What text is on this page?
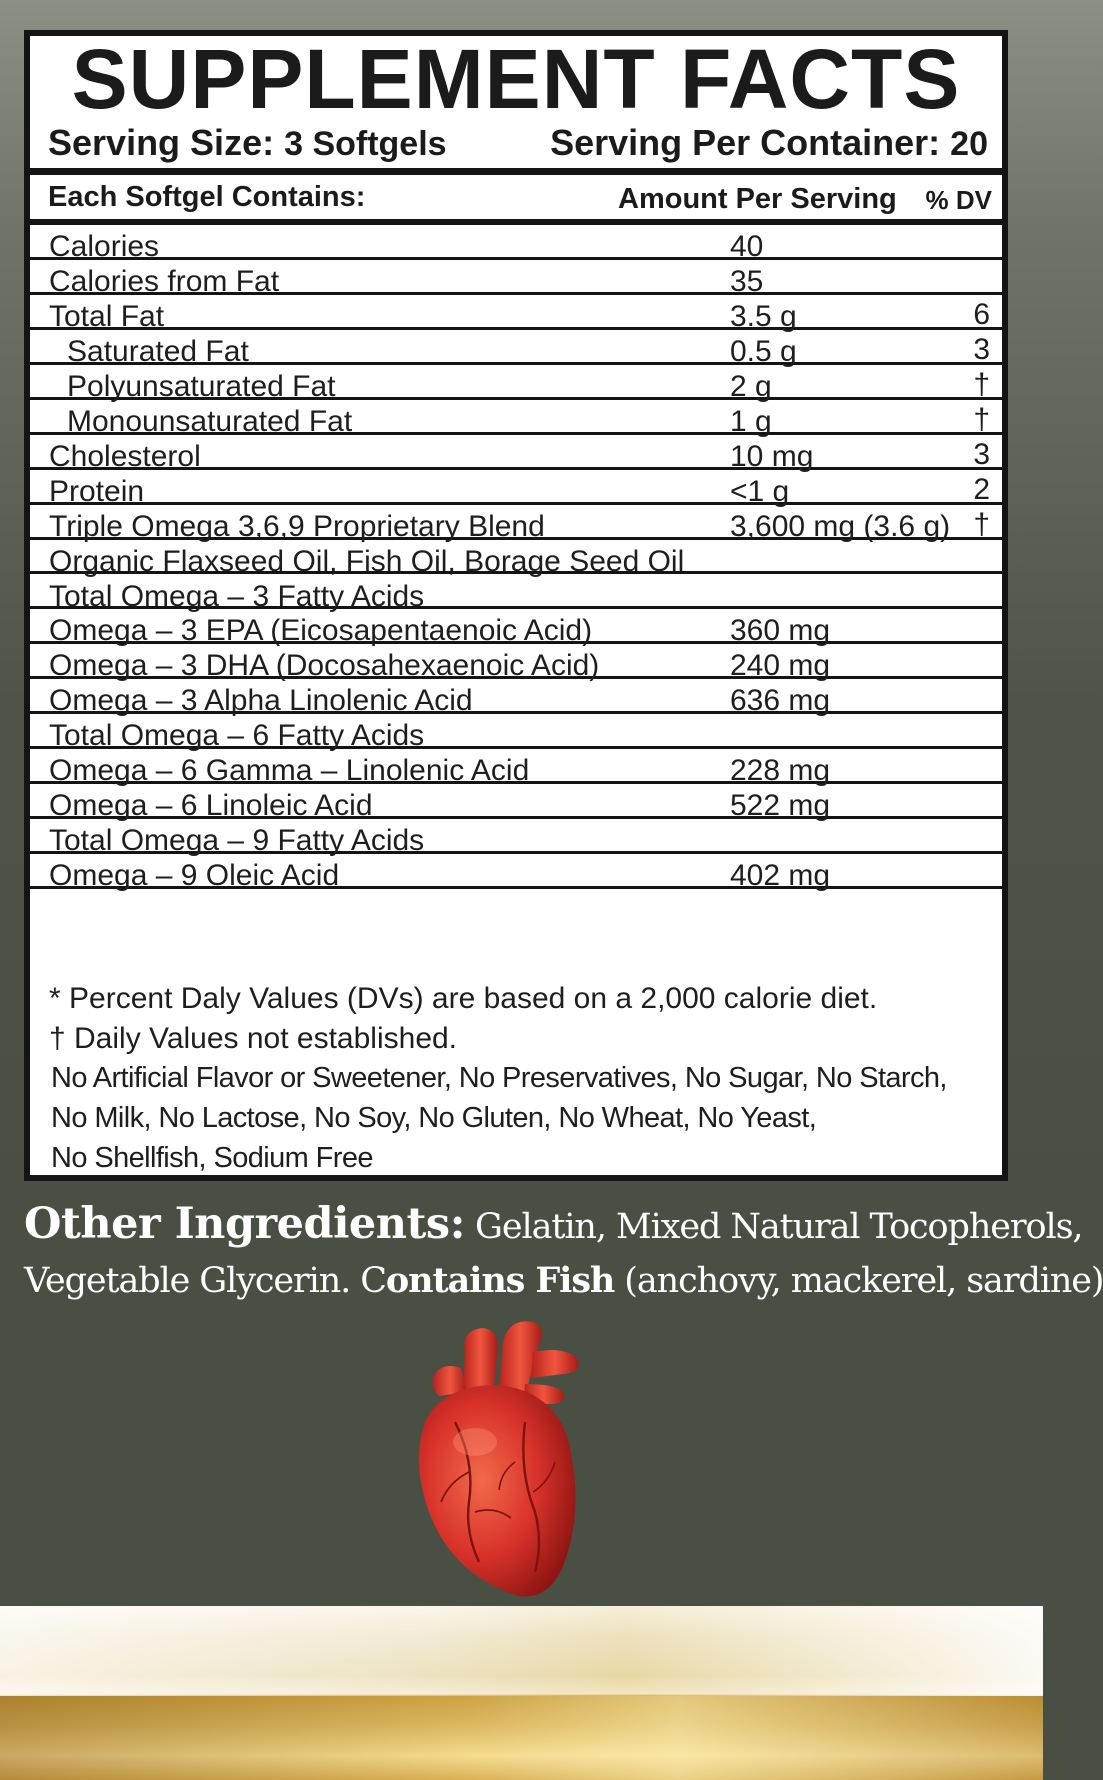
SUPPLEMENT FACTS
Serving Size: 3 Softgels	Serving Per Container: 20
Each Softgel Contains:	Amount Per Serving % DV
Calories	40
Calories from Fat	35
Total Fat	3.5 g	6
Saturated Fat	0.5 g	3
Polyunsaturated Fat	2 g	†
Monounsaturated Fat	1 g	†
Cholesterol	10 mg	3
Protein	<1 g	2
Triple Omega 3,6,9 Proprietary Blend	3,600 mg (3.6 g) †
Organic Flaxseed Oil, Fish Oil, Borage Seed Oil
Total Omega – 3 Fatty Acids
Omega – 3 EPA (Eicosapentaenoic Acid)	360 mg
Omega – 3 DHA (Docosahexaenoic Acid)	240 mg
Omega – 3 Alpha Linolenic Acid	636 mg
Total Omega – 6 Fatty Acids
Omega – 6 Gamma – Linolenic Acid	228 mg
Omega – 6 Linoleic Acid	522 mg
Total Omega – 9 Fatty Acids
Omega – 9 Oleic Acid	402 mg
* Percent Daly Values (DVs) are based on a 2,000 calorie diet.
† Daily Values not established.
No Artificial Flavor or Sweetener, No Preservatives, No Sugar, No Starch,
No Milk, No Lactose, No Soy, No Gluten, No Wheat, No Yeast,
No Shellfish, Sodium Free
Other Ingredients: Gelatin, Mixed Natural Tocopherols,
Vegetable Glycerin. Contains Fish (anchovy, mackerel, sardine)
